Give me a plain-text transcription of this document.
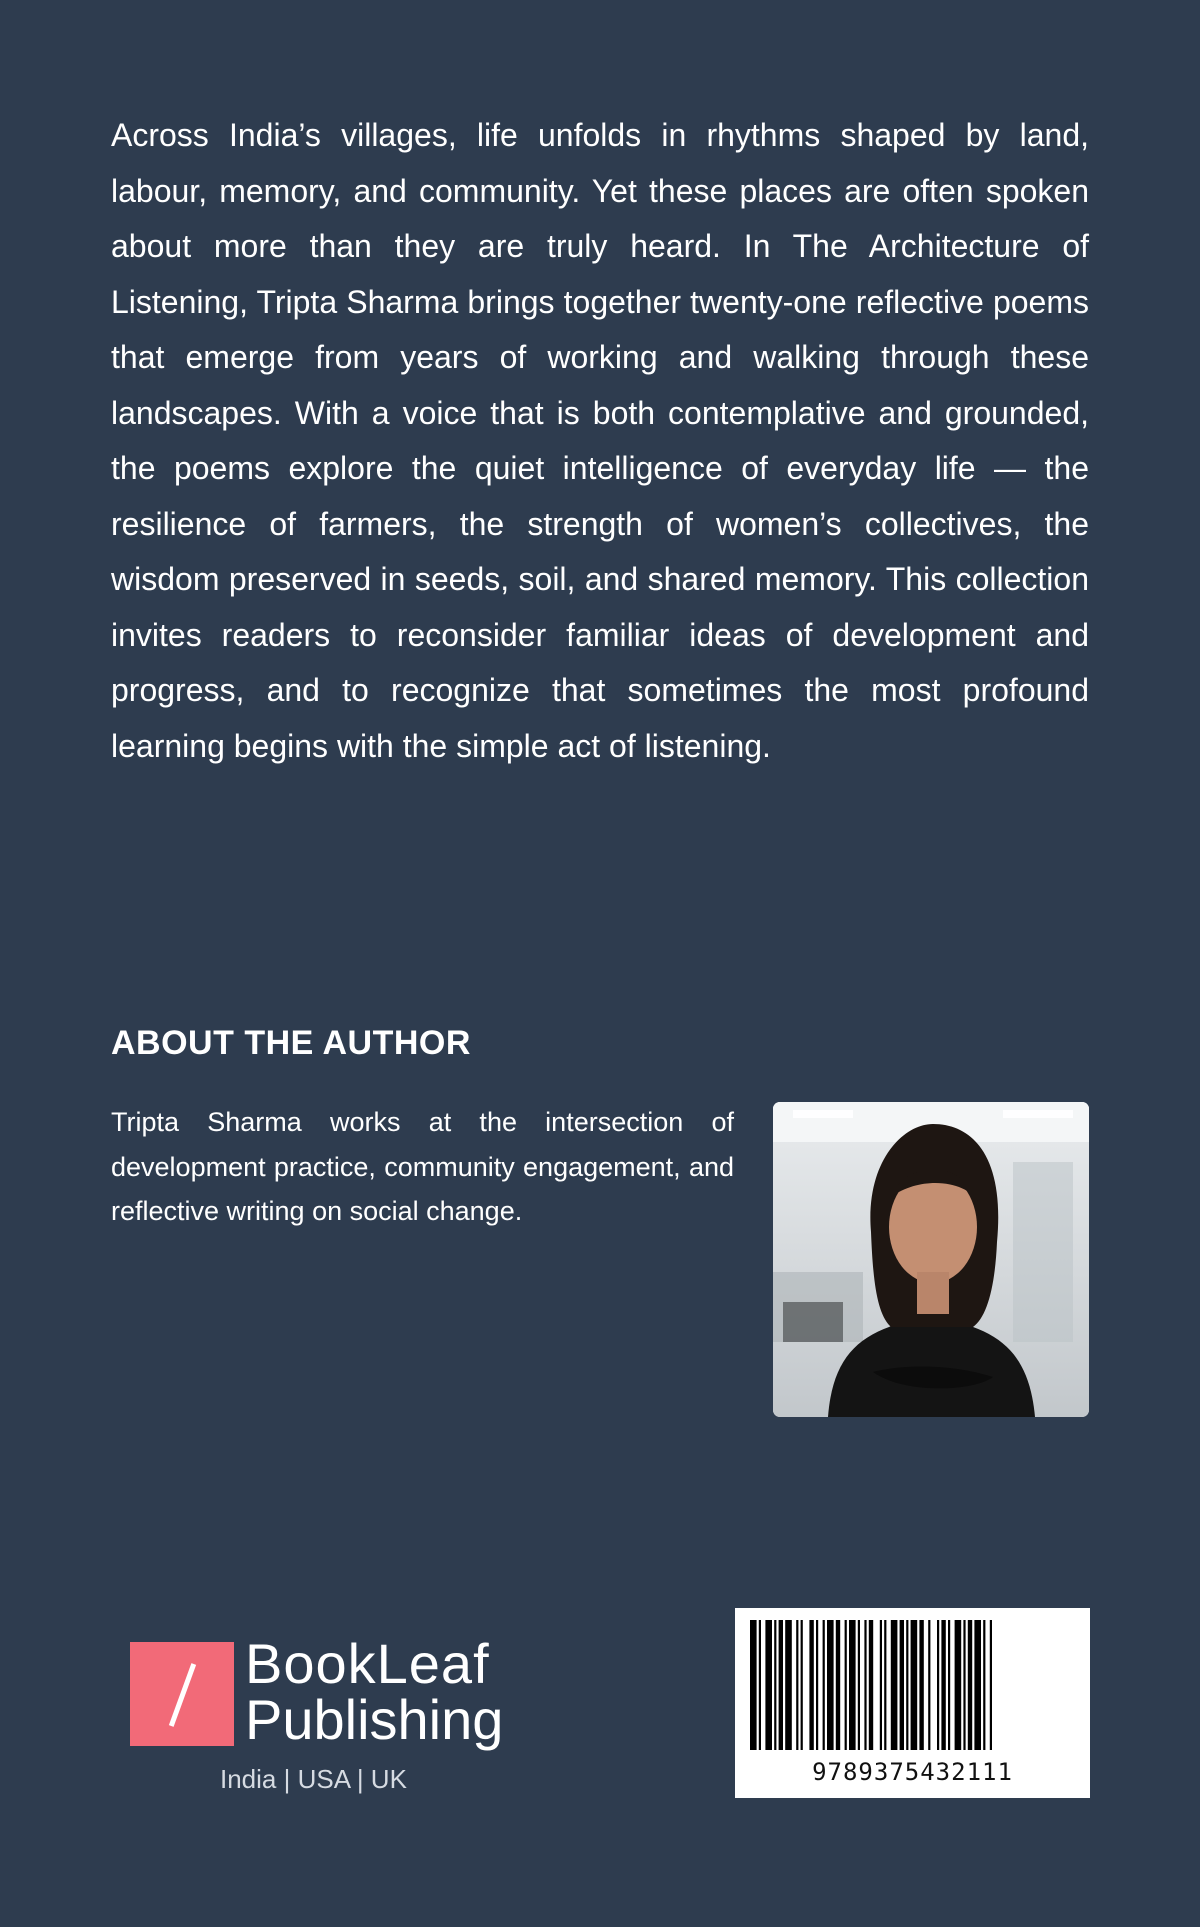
Across India’s villages, life unfolds in rhythms shaped by land, labour, memory, and community. Yet these places are often spoken about more than they are truly heard. In The Architecture of Listening, Tripta Sharma brings together twenty-one reflective poems that emerge from years of working and walking through these landscapes. With a voice that is both contemplative and grounded, the poems explore the quiet intelligence of everyday life — the resilience of farmers, the strength of women’s collectives, the wisdom preserved in seeds, soil, and shared memory. This collection invites readers to reconsider familiar ideas of development and progress, and to recognize that sometimes the most profound learning begins with the simple act of listening.

ABOUT THE AUTHOR

Tripta Sharma works at the intersection of development practice, community engagement, and reflective writing on social change.

BookLeaf
Publishing
India | USA | UK	9789375432111
